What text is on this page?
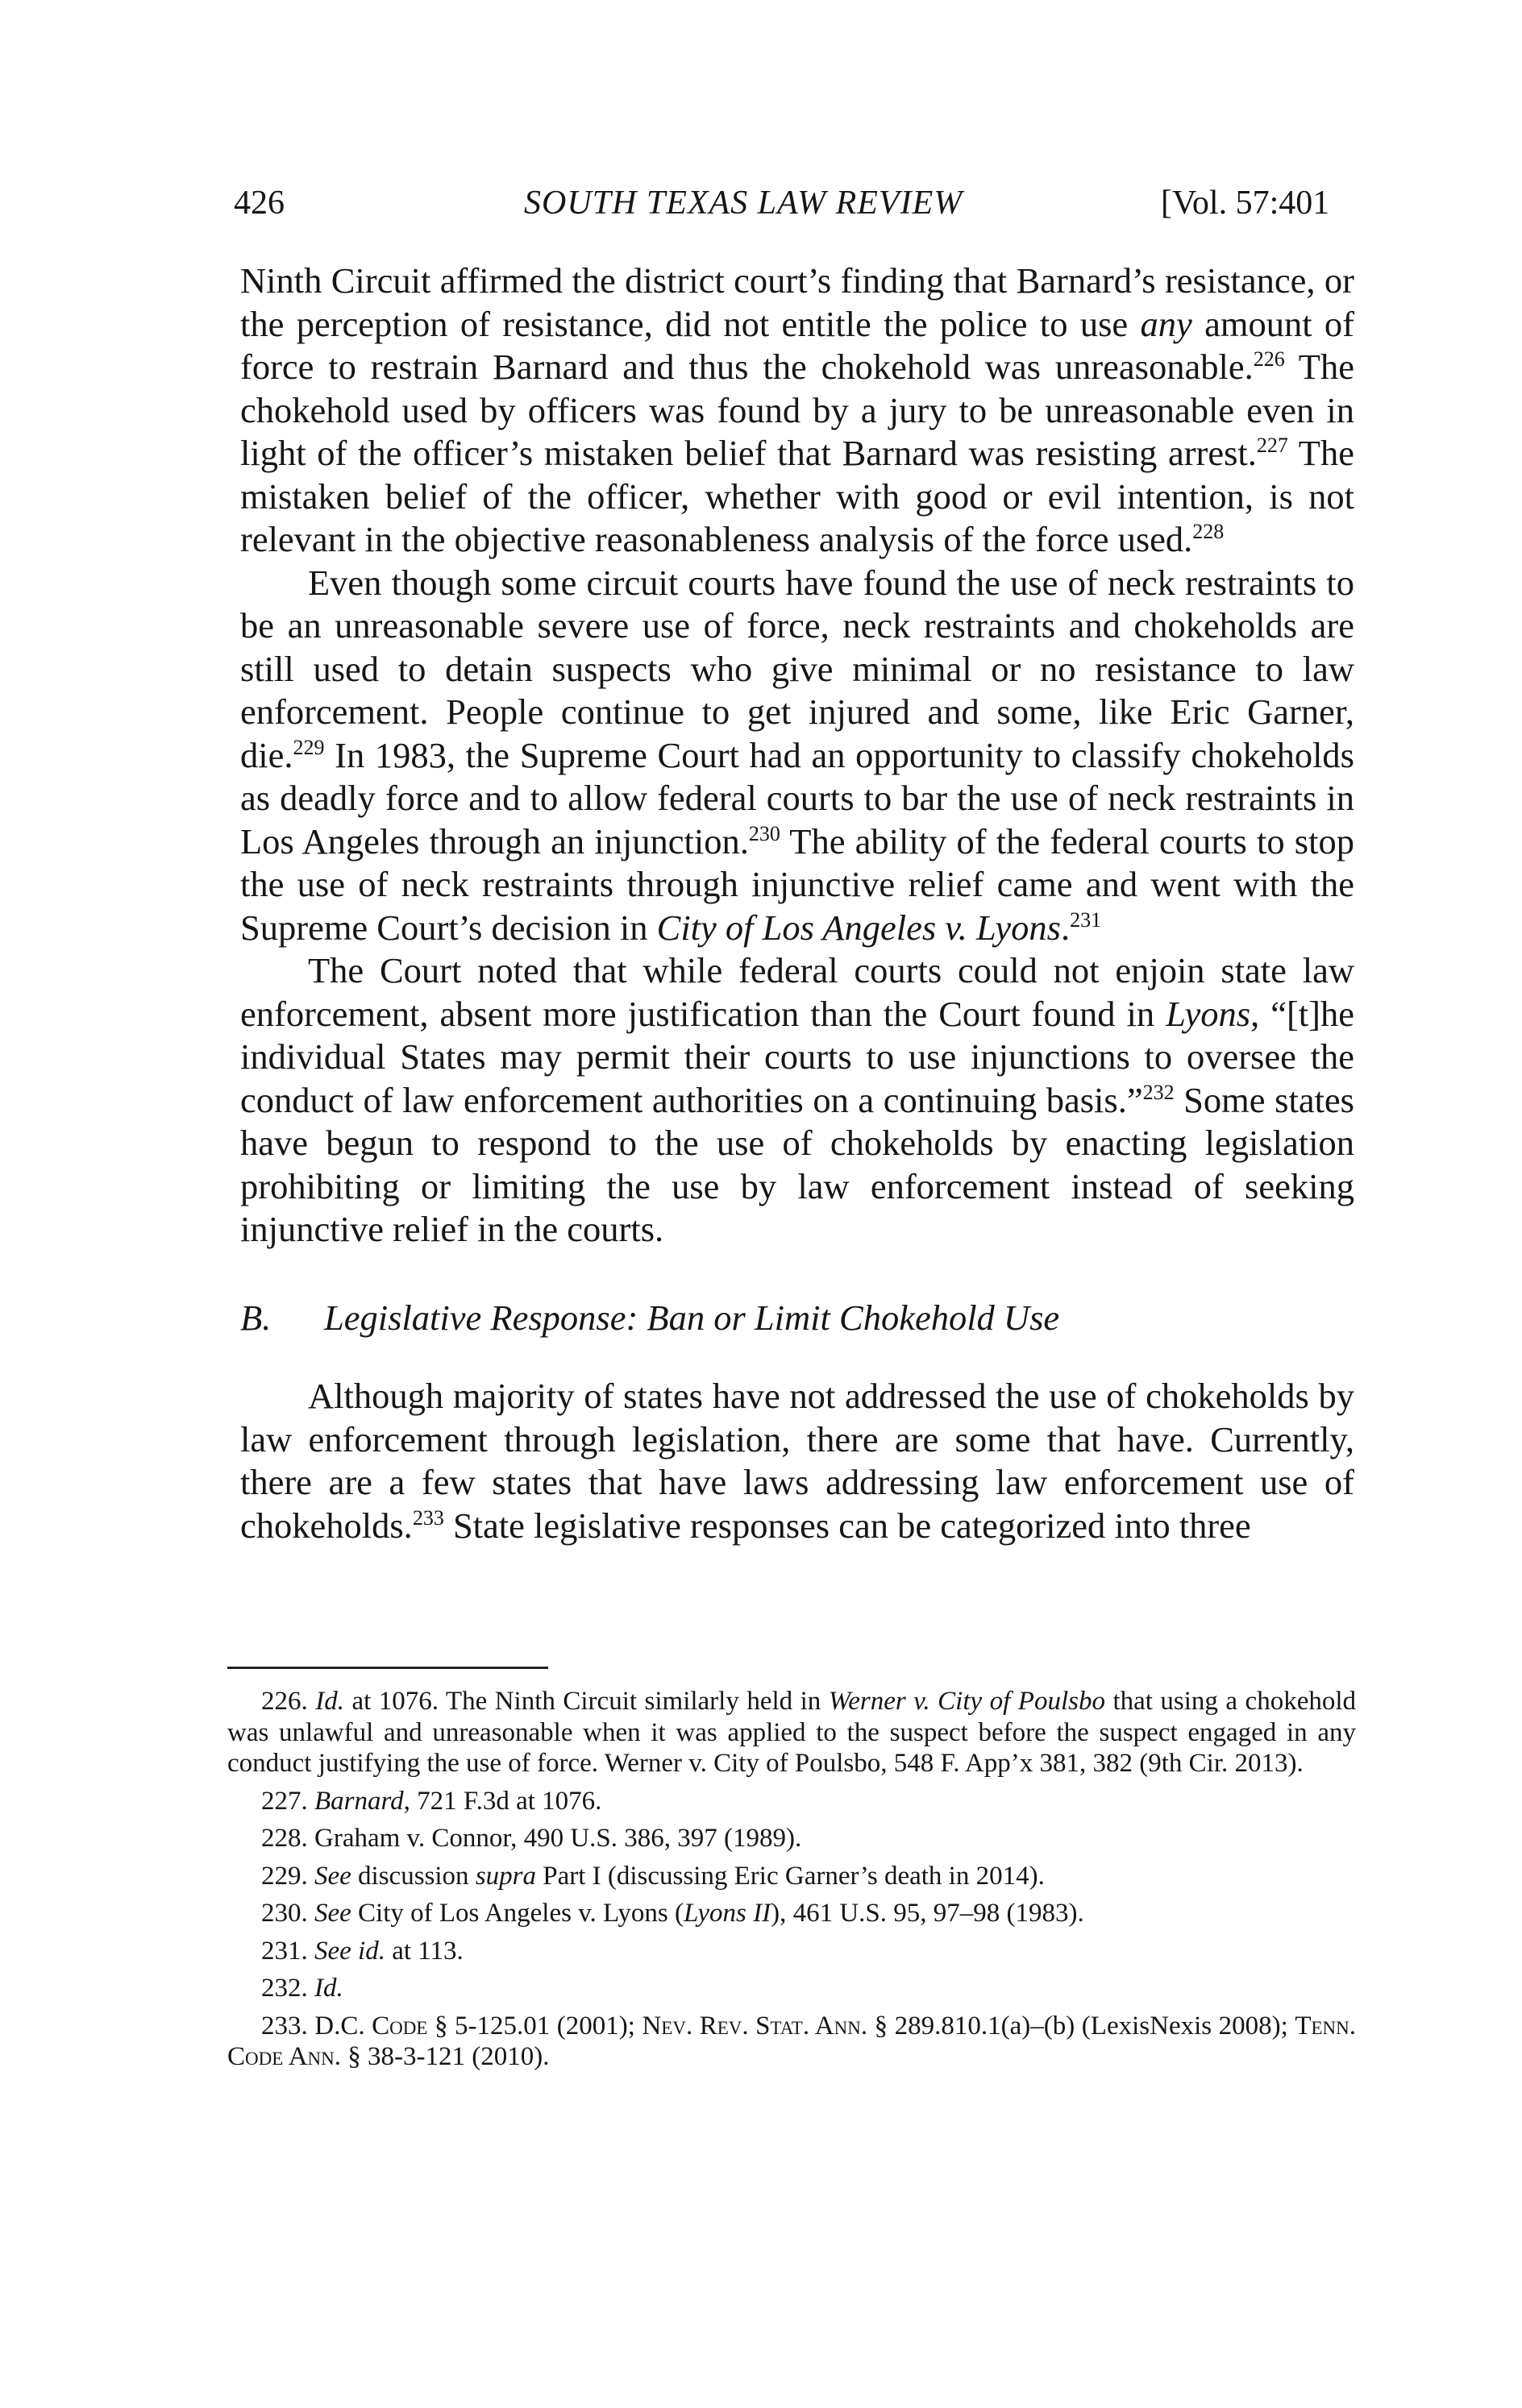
426	SOUTH TEXAS LAW REVIEW	[Vol. 57:401

Ninth Circuit affirmed the district court’s finding that Barnard’s resistance, or the perception of resistance, did not entitle the police to use any amount of force to restrain Barnard and thus the chokehold was unreasonable.$^{226}$ The chokehold used by officers was found by a jury to be unreasonable even in light of the officer’s mistaken belief that Barnard was resisting arrest.$^{227}$ The mistaken belief of the officer, whether with good or evil intention, is not relevant in the objective reasonableness analysis of the force used.$^{228}$

Even though some circuit courts have found the use of neck restraints to be an unreasonable severe use of force, neck restraints and chokeholds are still used to detain suspects who give minimal or no resistance to law enforcement. People continue to get injured and some, like Eric Garner, die.$^{229}$ In 1983, the Supreme Court had an opportunity to classify chokeholds as deadly force and to allow federal courts to bar the use of neck restraints in Los Angeles through an injunction.$^{230}$ The ability of the federal courts to stop the use of neck restraints through injunctive relief came and went with the Supreme Court’s decision in City of Los Angeles v. Lyons.$^{231}$

The Court noted that while federal courts could not enjoin state law enforcement, absent more justification than the Court found in Lyons, “[t]he individual States may permit their courts to use injunctions to oversee the conduct of law enforcement authorities on a continuing basis.”$^{232}$ Some states have begun to respond to the use of chokeholds by enacting legislation prohibiting or limiting the use by law enforcement instead of seeking injunctive relief in the courts.

B. Legislative Response: Ban or Limit Chokehold Use

Although majority of states have not addressed the use of chokeholds by law enforcement through legislation, there are some that have. Currently, there are a few states that have laws addressing law enforcement use of chokeholds.$^{233}$ State legislative responses can be categorized into three

226. Id. at 1076. The Ninth Circuit similarly held in Werner v. City of Poulsbo that using a chokehold was unlawful and unreasonable when it was applied to the suspect before the suspect engaged in any conduct justifying the use of force. Werner v. City of Poulsbo, 548 F. App’x 381, 382 (9th Cir. 2013).

227. Barnard, 721 F.3d at 1076.

228. Graham v. Connor, 490 U.S. 386, 397 (1989).

229. See discussion supra Part I (discussing Eric Garner’s death in 2014).

230. See City of Los Angeles v. Lyons (Lyons II), 461 U.S. 95, 97–98 (1983).

231. See id. at 113.

232. Id.

233. D.C. Code § 5-125.01 (2001); Nev. Rev. Stat. Ann. § 289.810.1(a)–(b) (LexisNexis 2008); Tenn. Code Ann. § 38-3-121 (2010).
